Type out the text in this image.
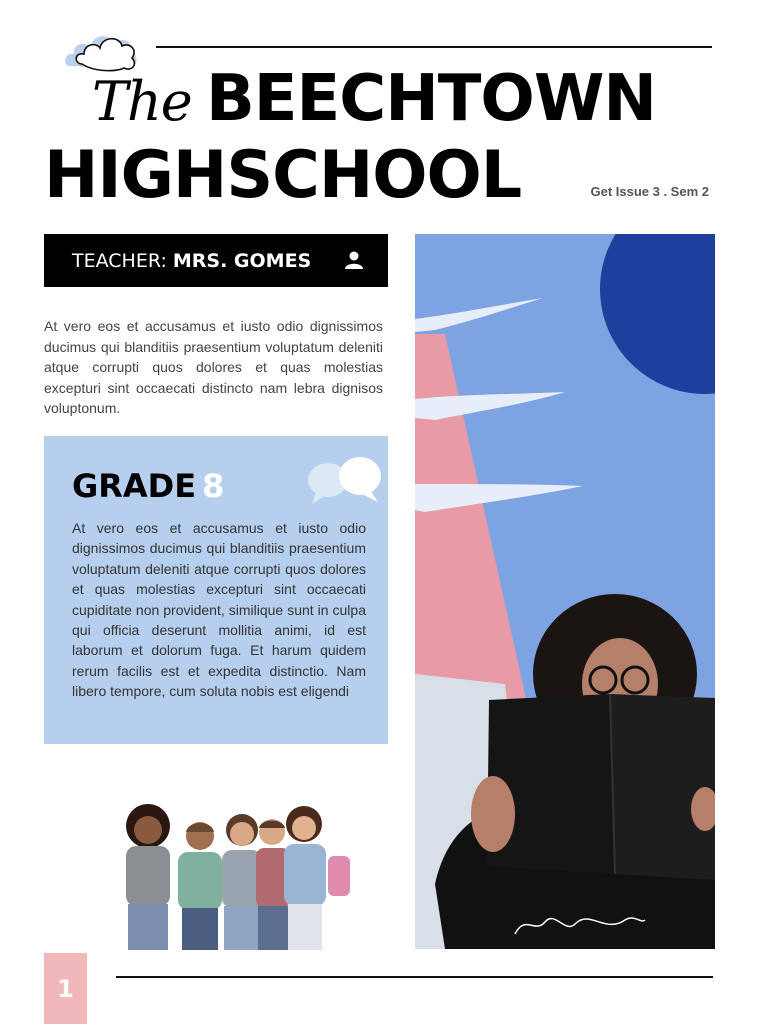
The BEECHTOWN
HIGHSCHOOL	Get Issue 3 . Sem 2
TEACHER: MRS. GOMES

At vero eos et accusamus et iusto odio dignissimos ducimus qui blanditiis praesentium voluptatum deleniti atque corrupti quos dolores et quas molestias excepturi sint occaecati distincto nam lebra dignisos voluptonum.

GRADE 8

At vero eos et accusamus et iusto odio dignissimos ducimus qui blanditiis praesentium voluptatum deleniti atque corrupti quos dolores et quas molestias excepturi sint occaecati cupiditate non provident, similique sunt in culpa qui officia deserunt mollitia animi, id est laborum et dolorum fuga. Et harum quidem rerum facilis est et expedita distinctio. Nam libero tempore, cum soluta nobis est eligendi

1
